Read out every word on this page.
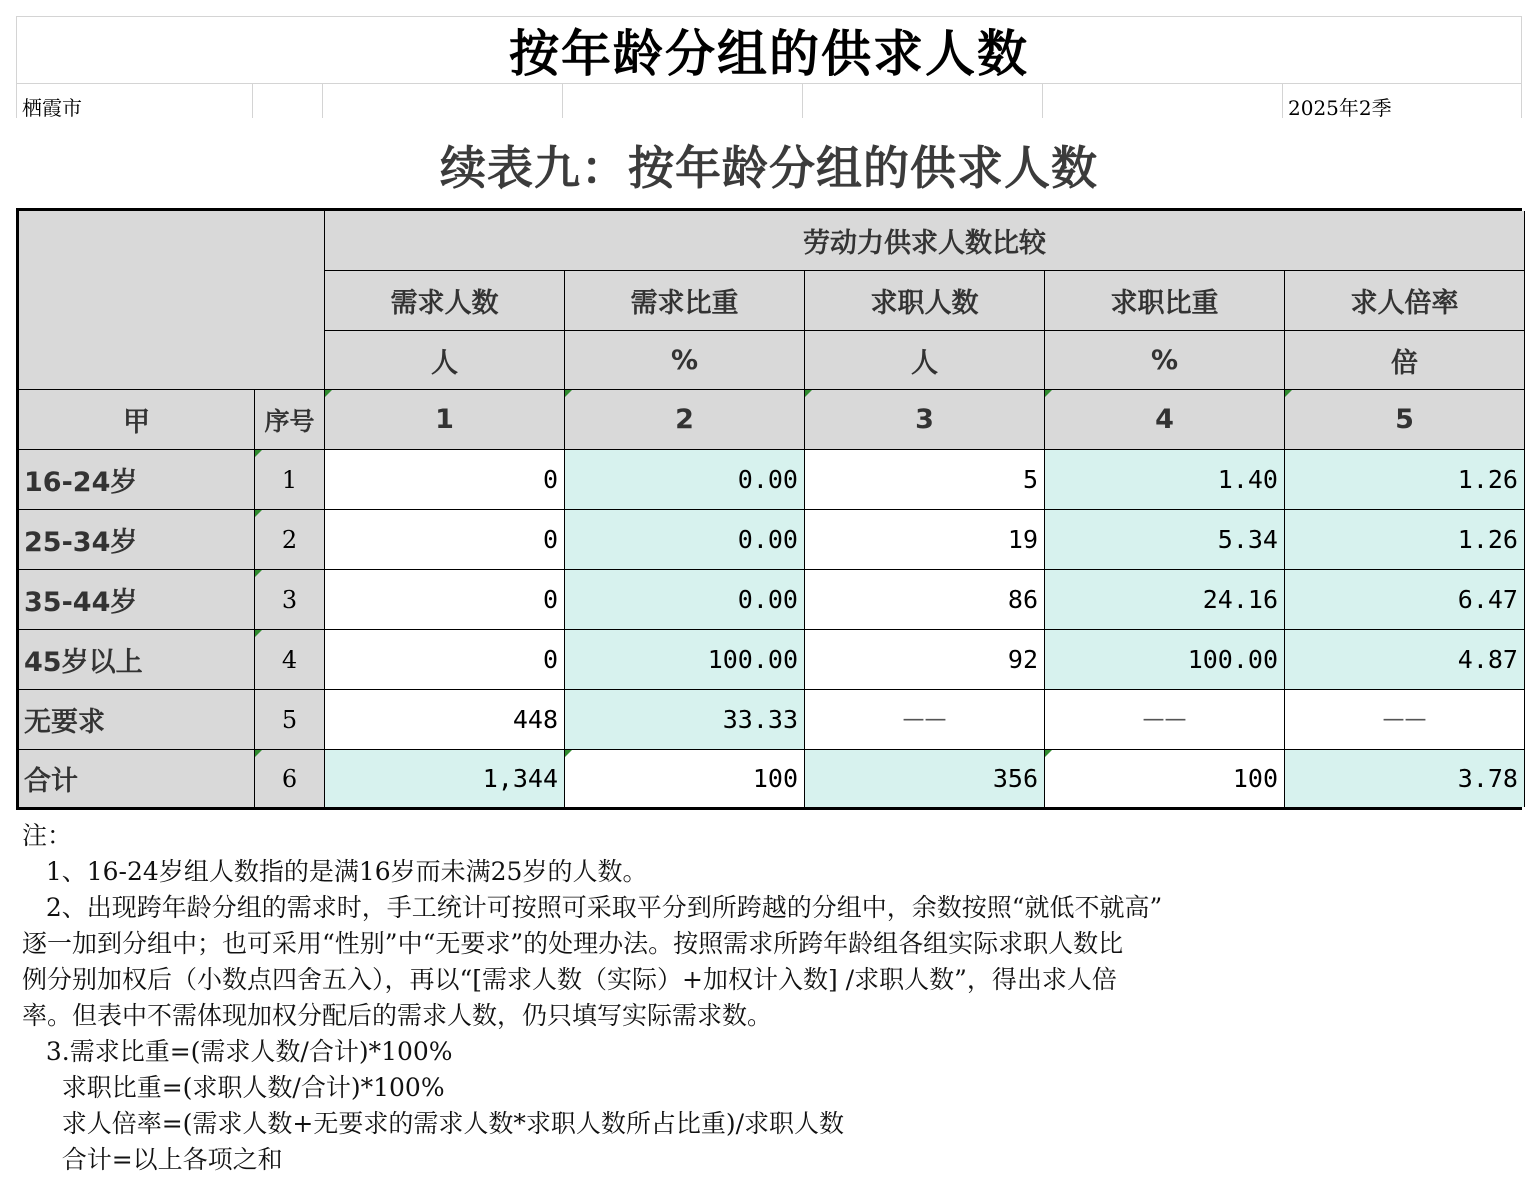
按年龄分组的供求人数
栖霞市	2025年2季
续表九：按年龄分组的供求人数
劳动力供求人数比较
需求人数	需求比重	求职人数	求职比重	求人倍率
人	%	人	%	倍
甲	序号	1	2	3	4	5
16-24岁	1	0	0.00	5	1.40	1.26
25-34岁	2	0	0.00	19	5.34	1.26
35-44岁	3	0	0.00	86	24.16	6.47
45岁以上	4	0	100.00	92	100.00	4.87
无要求	5	448	33.33	——	——	——
合计	6	1,344	100	356	100	3.78
注：
1、16-24岁组人数指的是满16岁而未满25岁的人数。
2、出现跨年龄分组的需求时，手工统计可按照可采取平分到所跨越的分组中，余数按照“就低不就高”
逐一加到分组中；也可采用“性别”中“无要求”的处理办法。按照需求所跨年龄组各组实际求职人数比
例分别加权后（小数点四舍五入），再以“[需求人数（实际）+加权计入数] /求职人数”，得出求人倍
率。但表中不需体现加权分配后的需求人数，仍只填写实际需求数。
3.需求比重=(需求人数/合计)*100%
求职比重=(求职人数/合计)*100%
求人倍率=(需求人数+无要求的需求人数*求职人数所占比重)/求职人数
合计=以上各项之和
